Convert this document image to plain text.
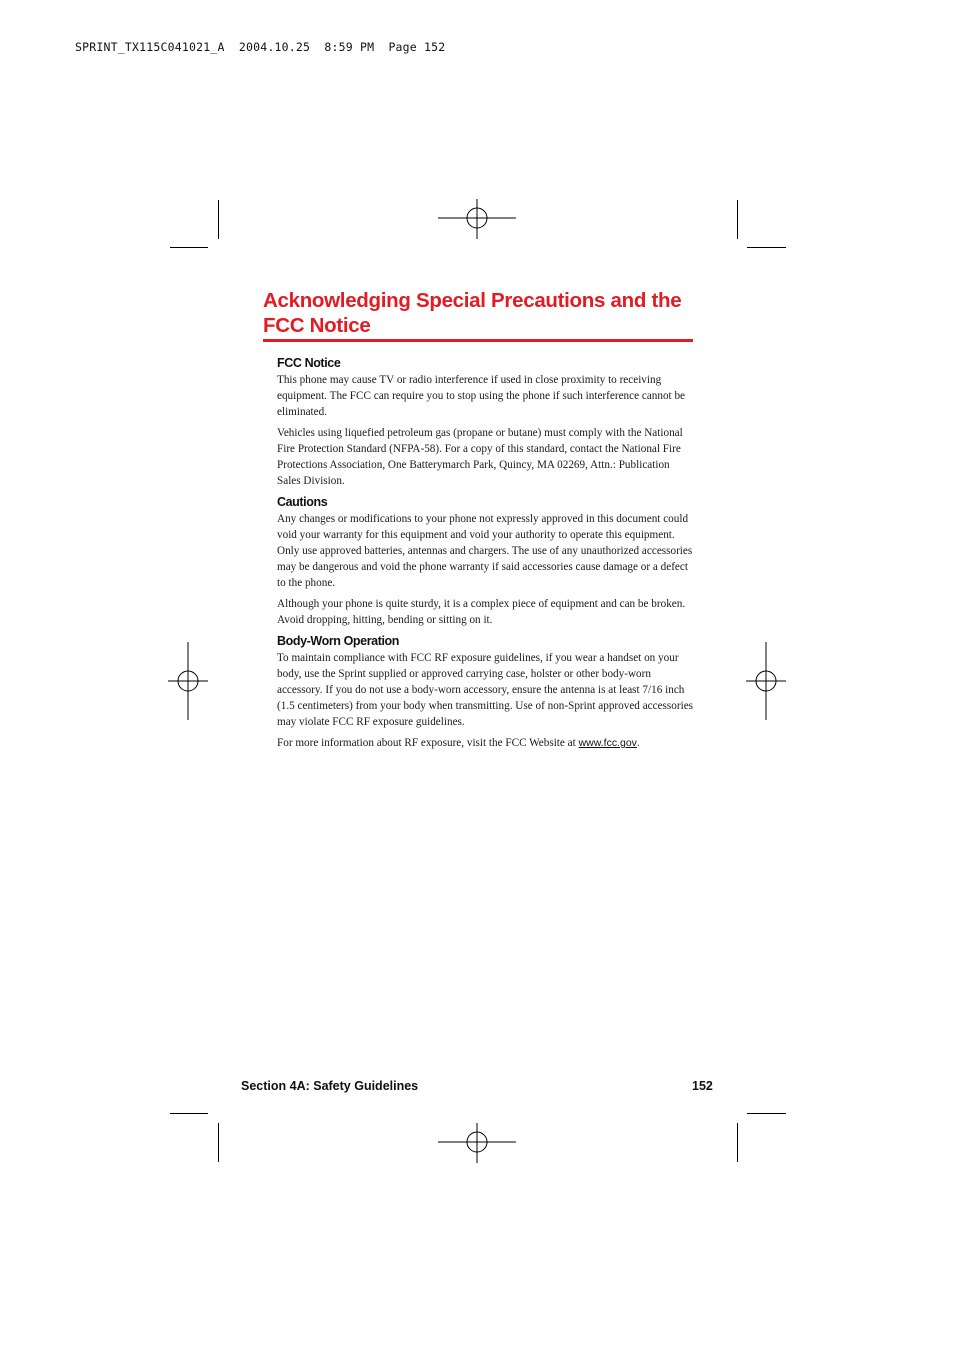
SPRINT_TX115C041021_A  2004.10.25  8:59 PM  Page 152
Acknowledging Special Precautions and the
FCC Notice
FCC Notice

This phone may cause TV or radio interference if used in close proximity to receiving equipment. The FCC can require you to stop using the phone if such interference cannot be eliminated.

Vehicles using liquefied petroleum gas (propane or butane) must comply with the National Fire Protection Standard (NFPA-58). For a copy of this standard, contact the National Fire Protections Association, One Batterymarch Park, Quincy, MA 02269, Attn.: Publication Sales Division.

Cautions

Any changes or modifications to your phone not expressly approved in this document could void your warranty for this equipment and void your authority to operate this equipment. Only use approved batteries, antennas and chargers. The use of any unauthorized accessories may be dangerous and void the phone warranty if said accessories cause damage or a defect to the phone.

Although your phone is quite sturdy, it is a complex piece of equipment and can be broken. Avoid dropping, hitting, bending or sitting on it.

Body-Worn Operation

To maintain compliance with FCC RF exposure guidelines, if you wear a handset on your body, use the Sprint supplied or approved carrying case, holster or other body-worn accessory. If you do not use a body-worn accessory, ensure the antenna is at least 7/16 inch (1.5 centimeters) from your body when transmitting. Use of non-Sprint approved accessories may violate FCC RF exposure guidelines.

For more information about RF exposure, visit the FCC Website at www.fcc.gov.

Section 4A: Safety Guidelines	152
